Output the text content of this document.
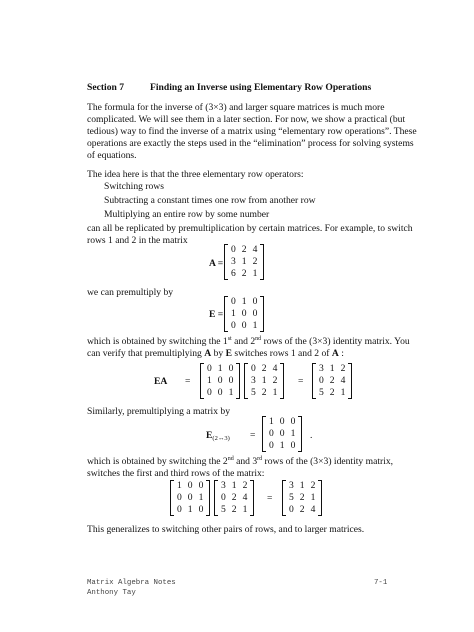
Section 7	Finding an Inverse using Elementary Row Operations
The formula for the inverse of (3×3) and larger square matrices is much more
complicated. We will see them in a later section. For now, we show a practical (but
tedious) way to find the inverse of a matrix using “elementary row operations”. These
operations are exactly the steps used in the “elimination” process for solving systems
of equations.
The idea here is that the three elementary row operators:
Switching rows
Subtracting a constant times one row from another row
Multiplying an entire row by some number
can all be replicated by premultiplication by certain matrices. For example, to switch
rows 1 and 2 in the matrix
A =
0	2	4
3	1	2
6	2	1
we can premultiply by
E =
0	1	0
1	0	0
0	0	1
which is obtained by switching the 1st and 2nd rows of the (3×3) identity matrix. You
can verify that premultiplying A by E switches rows 1 and 2 of A :
EA =
0	1	0
1	0	0
0	0	1
0	2	4
3	1	2
5	2	1
=
3	1	2
0	2	4
5	2	1
Similarly, premultiplying a matrix by
$E_{(2\leftrightarrow 3)}$ =
1	0	0
0	0	1
0	1	0
.
which is obtained by switching the 2nd and 3rd rows of the (3×3) identity matrix,
switches the first and third rows of the matrix:
1	0	0
0	0	1
0	1	0
3	1	2
0	2	4
5	2	1
=
3	1	2
5	2	1
0	2	4
This generalizes to switching other pairs of rows, and to larger matrices.
Matrix Algebra Notes
Anthony Tay
7-1
